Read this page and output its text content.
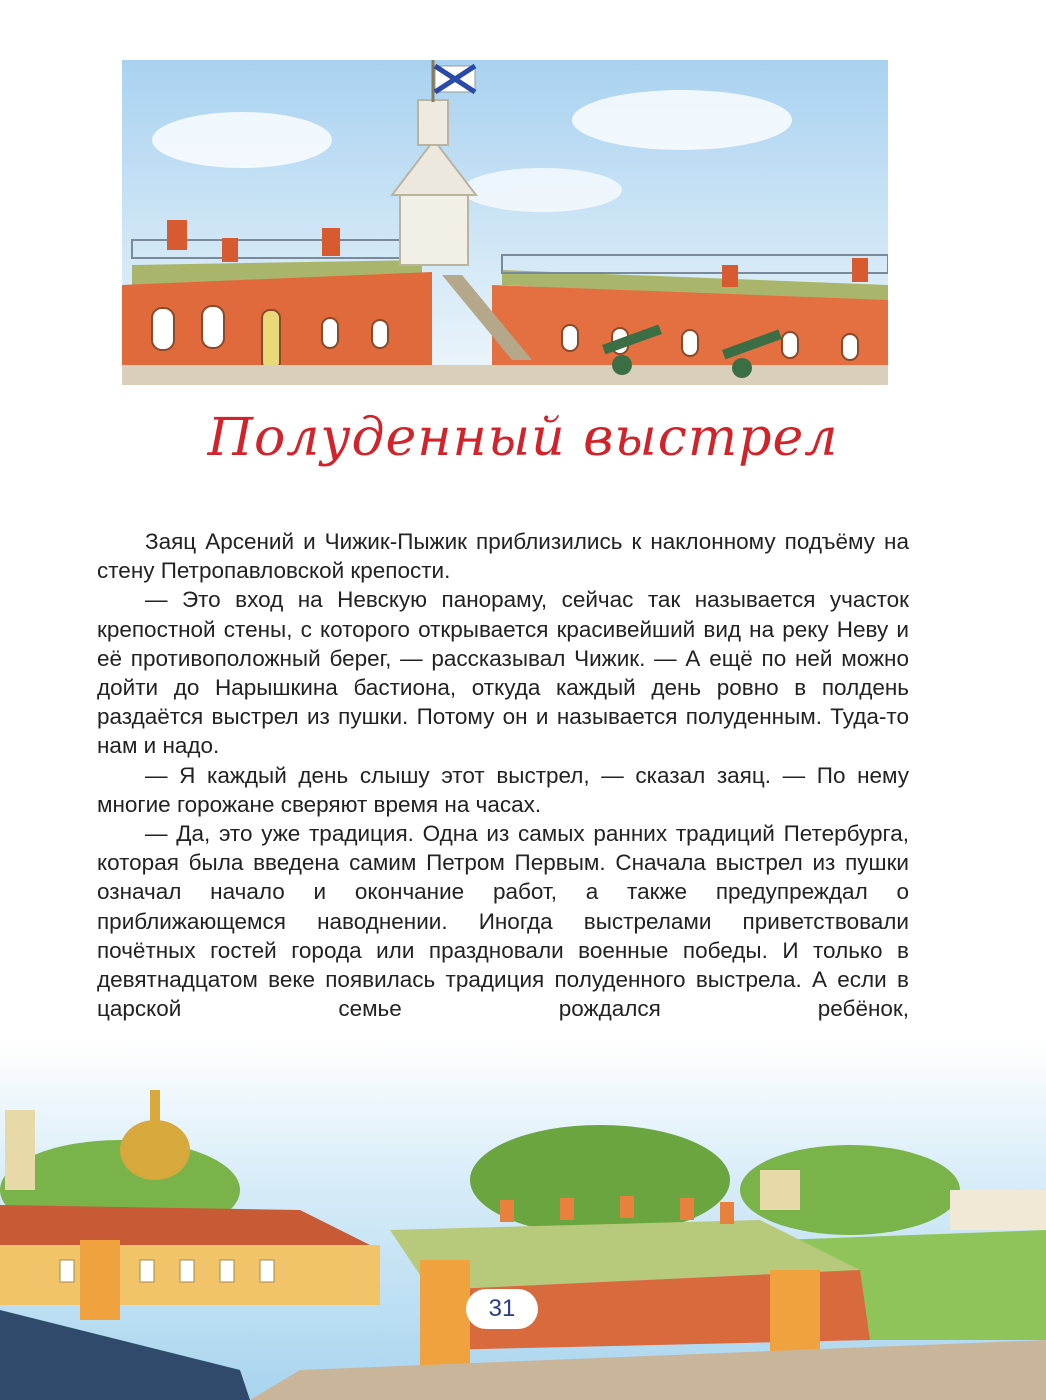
Полуденный выстрел

Заяц Арсений и Чижик-Пыжик приблизились к наклонному подъёму на стену Петропавловской крепости.

— Это вход на Невскую панораму, сейчас так называется участок крепостной стены, с которого открывается красивейший вид на реку Неву и её противоположный берег, — рассказывал Чижик. — А ещё по ней можно дойти до Нарышкина бастиона, откуда каждый день ровно в полдень раздаётся выстрел из пушки. Потому он и называется полуденным. Туда-то нам и надо.

— Я каждый день слышу этот выстрел, — сказал заяц. — По нему многие горожане сверяют время на часах.

— Да, это уже традиция. Одна из самых ранних традиций Петербурга, которая была введена самим Петром Первым. Сначала выстрел из пушки означал начало и окончание работ, а также предупреждал о приближающемся наводнении. Иногда выстрелами приветствовали почётных гостей города или праздновали военные победы. И только в девятнадцатом веке появилась традиция полуденного выстрела. А если в царской семье рождался ребёнок,

31
